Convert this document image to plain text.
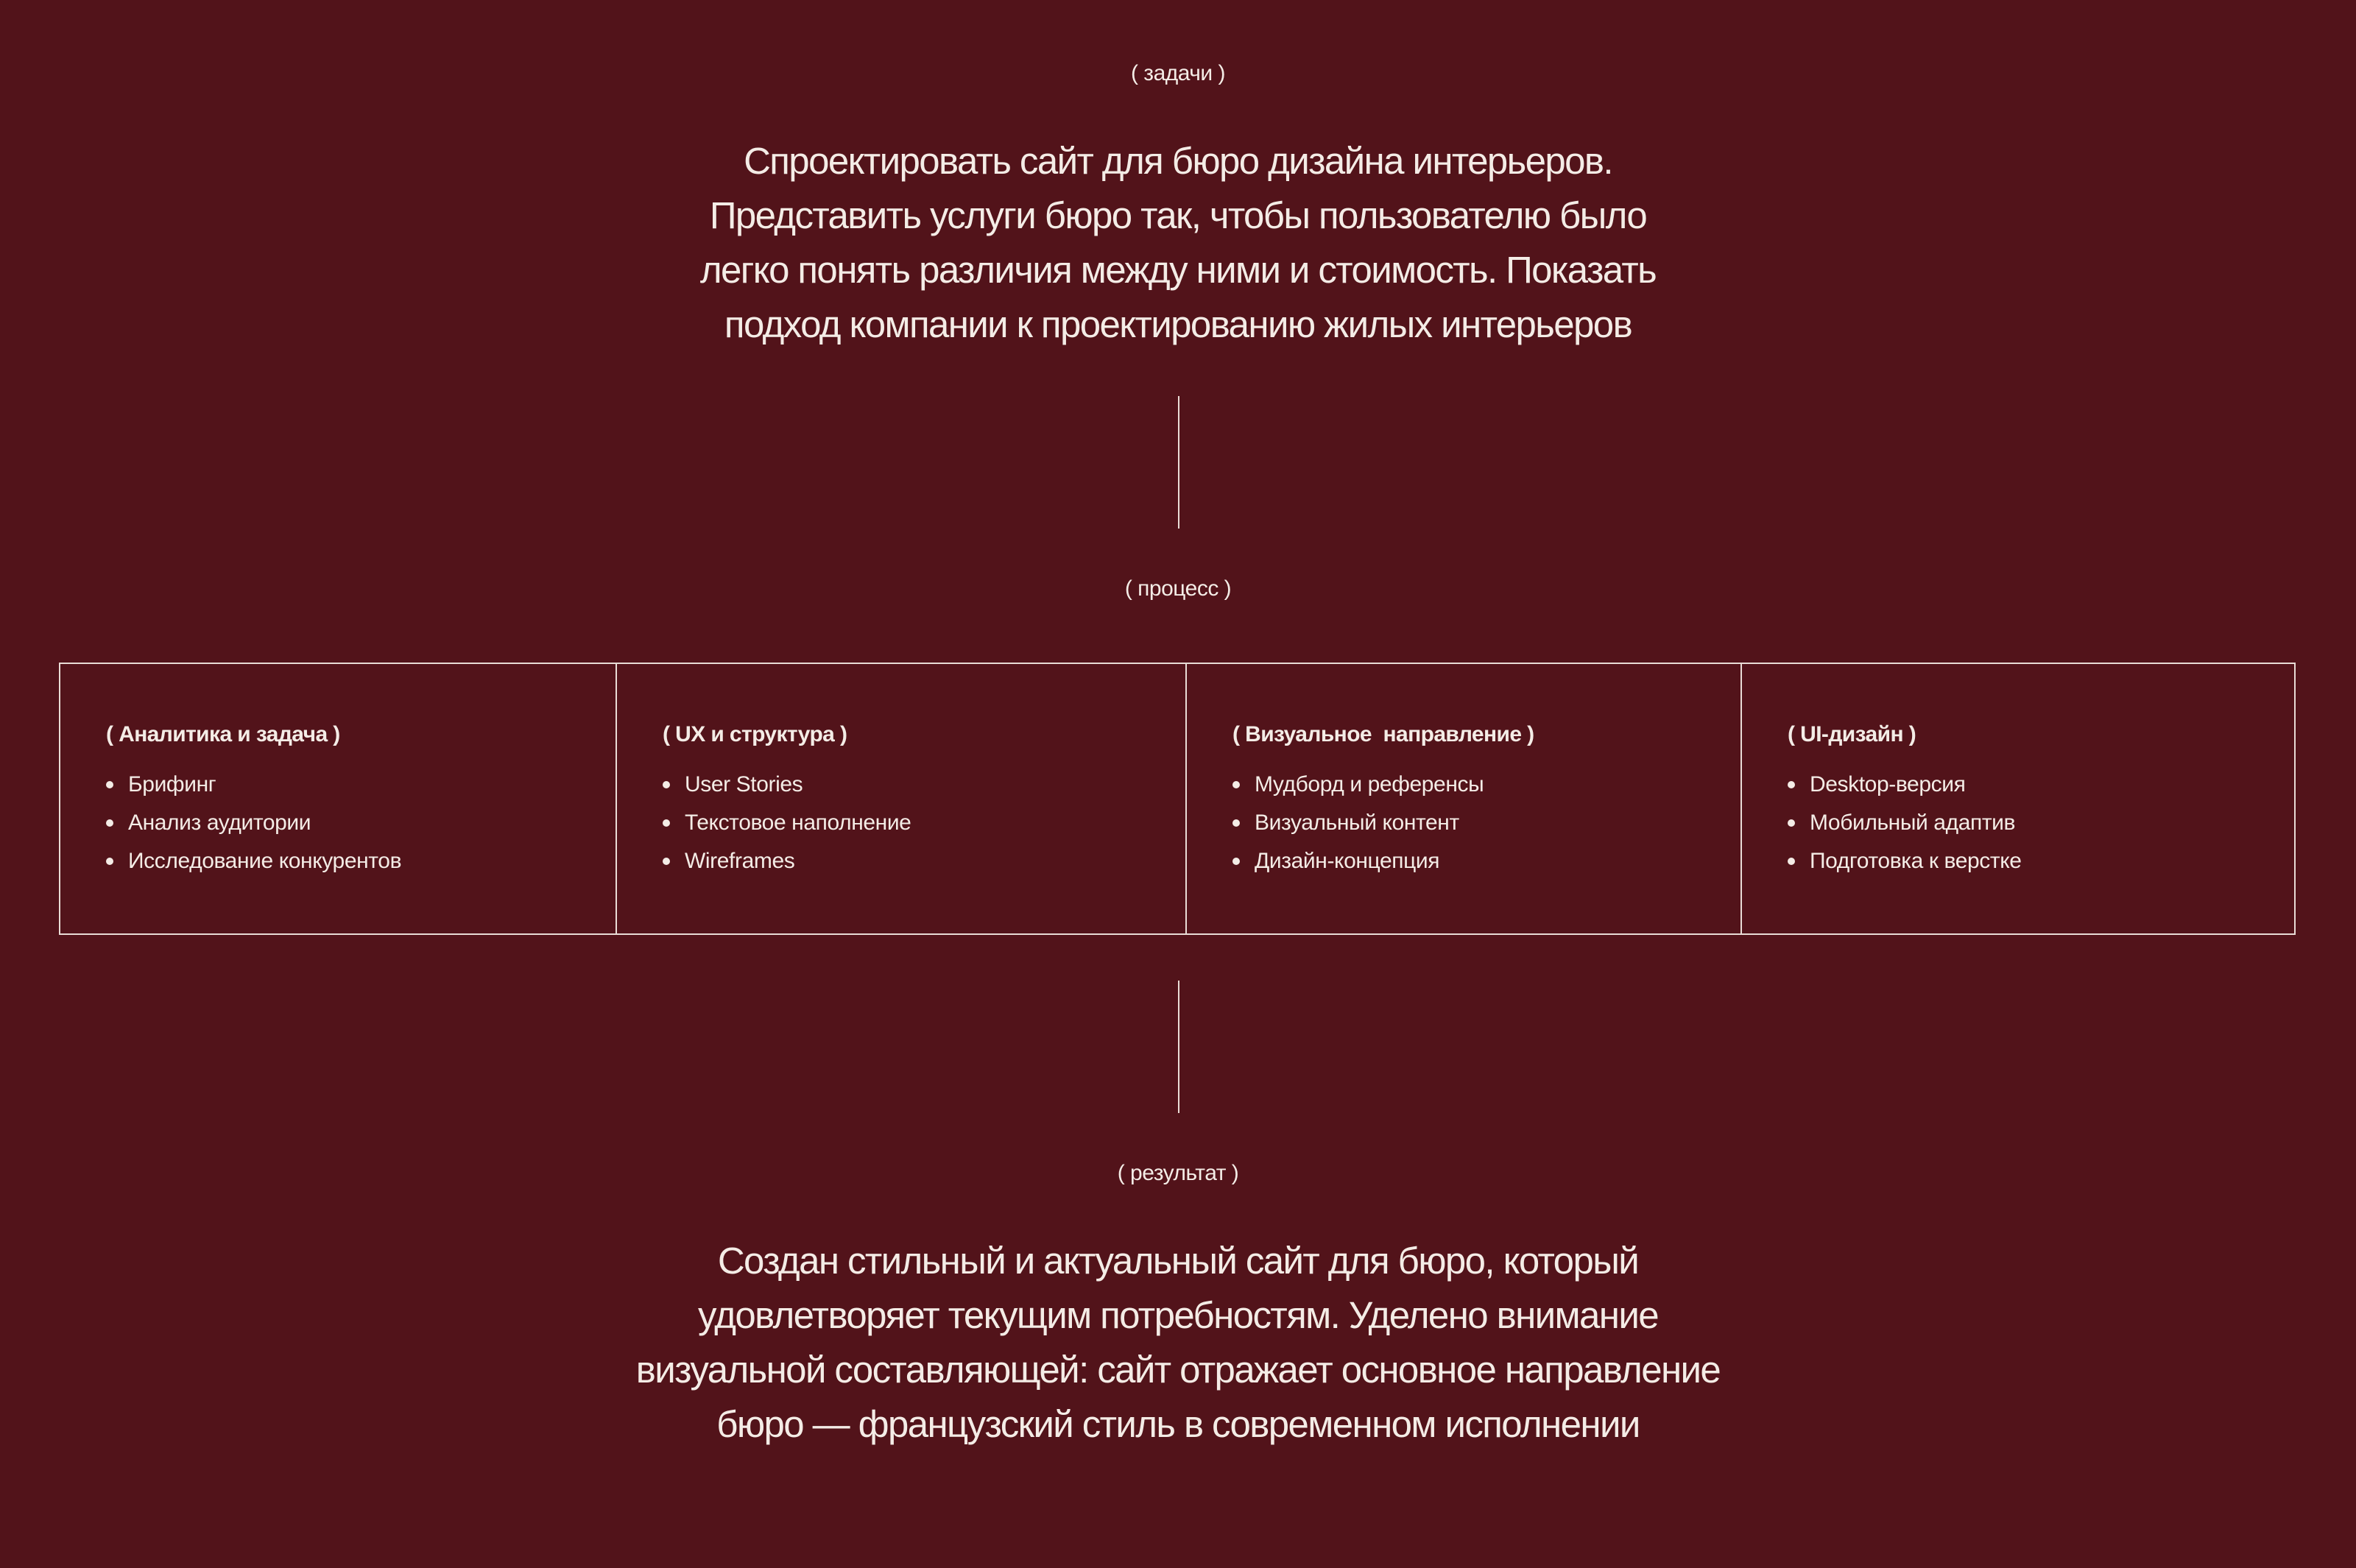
( задачи )
Спроектировать сайт для бюро дизайна интерьеров.
Представить услуги бюро так, чтобы пользователю было
легко понять различия между ними и стоимость. Показать
подход компании к проектированию жилых интерьеров
( процесс )
( Аналитика и задача )
Брифинг
Анализ аудитории
Исследование конкурентов
( UX и структура )
User Stories
Текстовое наполнение
Wireframes
( Визуальное  направление )
Мудборд и референсы
Визуальный контент
Дизайн-концепция
( UI-дизайн )
Desktop-версия
Мобильный адаптив
Подготовка к верстке
( результат )
Создан стильный и актуальный сайт для бюро, который
удовлетворяет текущим потребностям. Уделено внимание
визуальной составляющей: сайт отражает основное направление
бюро — французский стиль в современном исполнении
